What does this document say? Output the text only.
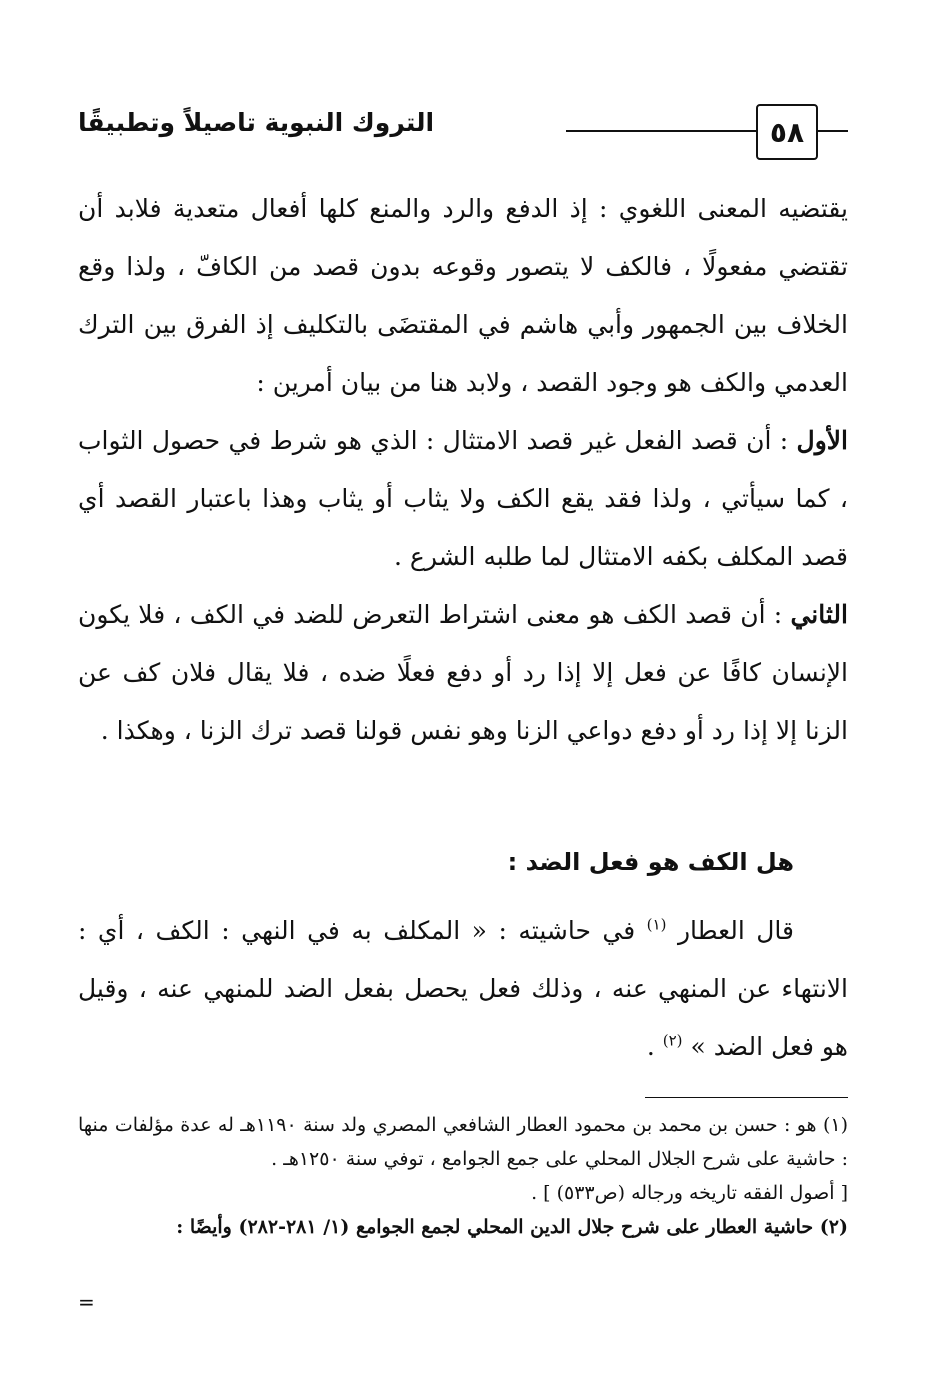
٥٨
التروك النبوية تاصيلاً وتطبيقًا

يقتضيه المعنى اللغوي : إذ الدفع والرد والمنع كلها أفعال متعدية فلابد أن تقتضي مفعولًا ، فالكف لا يتصور وقوعه بدون قصد من الكافّ ، ولذا وقع الخلاف بين الجمهور وأبي هاشم في المقتضَى بالتكليف إذ الفرق بين الترك العدمي والكف هو وجود القصد ، ولابد هنا من بيان أمرين :

الأول : أن قصد الفعل غير قصد الامتثال : الذي هو شرط في حصول الثواب ، كما سيأتي ، ولذا فقد يقع الكف ولا يثاب أو يثاب وهذا باعتبار القصد أي قصد المكلف بكفه الامتثال لما طلبه الشرع .

الثاني : أن قصد الكف هو معنى اشتراط التعرض للضد في الكف ، فلا يكون الإنسان كافًا عن فعل إلا إذا رد أو دفع فعلًا ضده ، فلا يقال فلان كف عن الزنا إلا إذا رد أو دفع دواعي الزنا وهو نفس قولنا قصد ترك الزنا ، وهكذا .

هل الكف هو فعل الضد :

قال العطار $^{(١)}$ في حاشيته : « المكلف به في النهي : الكف ، أي : الانتهاء عن المنهي عنه ، وذلك فعل يحصل بفعل الضد للمنهي عنه ، وقيل هو فعل الضد » $^{(٢)}$ .

(١) هو : حسن بن محمد بن محمود العطار الشافعي المصري ولد سنة ١١٩٠هـ له عدة مؤلفات منها : حاشية على شرح الجلال المحلي على جمع الجوامع ، توفي سنة ١٢٥٠هـ .

[ أصول الفقه تاريخه ورجاله (ص٥٣٣) ] .

(٢) حاشية العطار على شرح جلال الدين المحلي لجمع الجوامع (١/ ٢٨١-٢٨٢) وأيضًا :

=
